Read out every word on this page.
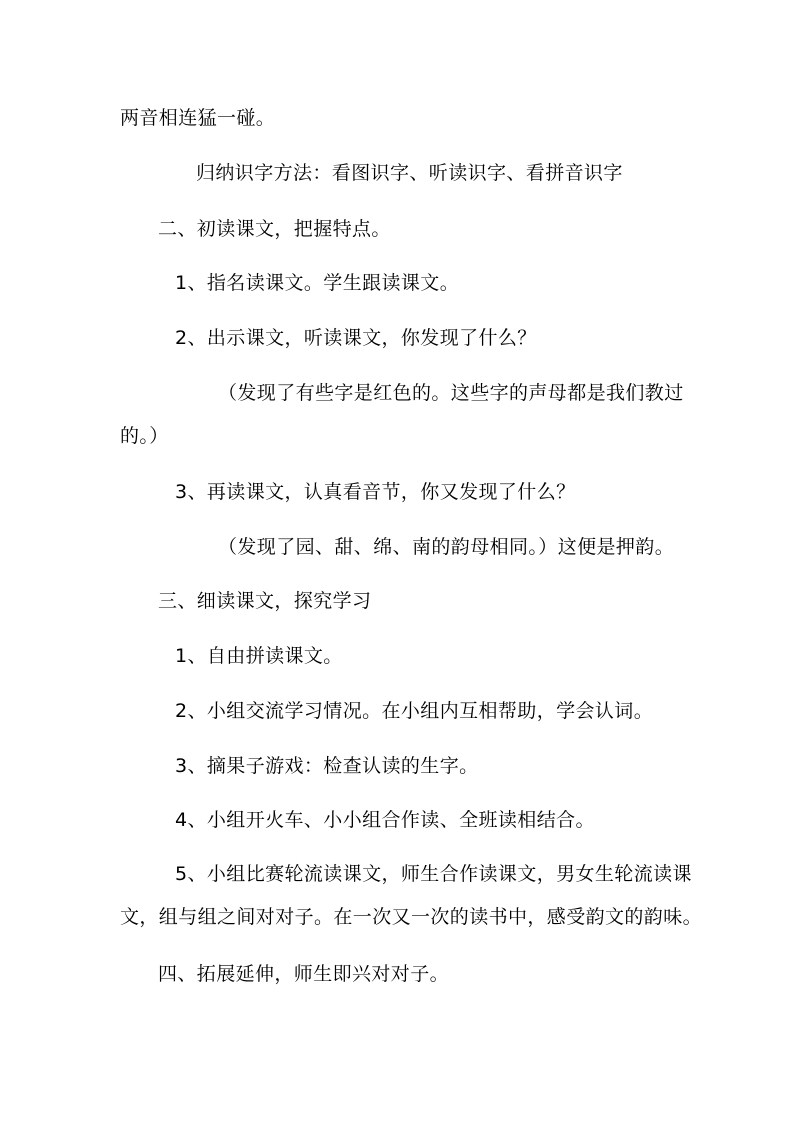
两音相连猛一碰。
归纳识字方法：看图识字、听读识字、看拼音识字
二、初读课文，把握特点。
1、指名读课文。学生跟读课文。
2、出示课文，听读课文，你发现了什么？
（发现了有些字是红色的。这些字的声母都是我们教过
的。）
3、再读课文，认真看音节，你又发现了什么？
（发现了园、甜、绵、南的韵母相同。）这便是押韵。
三、细读课文，探究学习
1、自由拼读课文。
2、小组交流学习情况。在小组内互相帮助，学会认词。
3、摘果子游戏：检查认读的生字。
4、小组开火车、小小组合作读、全班读相结合。
5、小组比赛轮流读课文，师生合作读课文，男女生轮流读课
文，组与组之间对对子。在一次又一次的读书中，感受韵文的韵味。
四、拓展延伸，师生即兴对对子。
